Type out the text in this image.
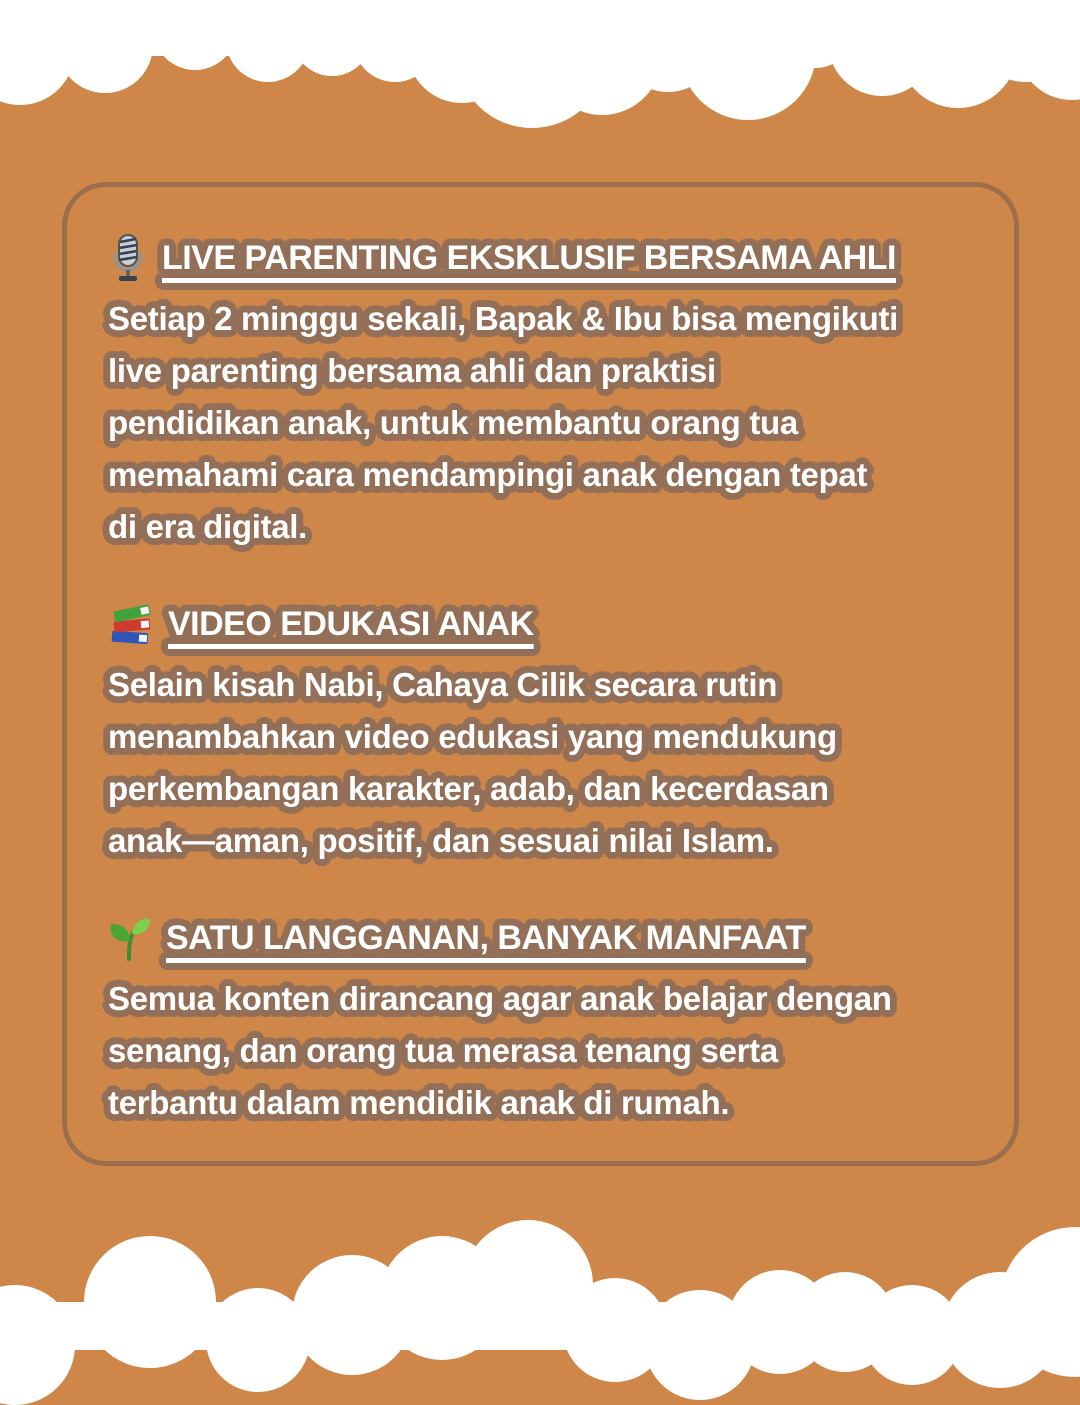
LIVE PARENTING EKSKLUSIF BERSAMA AHLI
Setiap 2 minggu sekali, Bapak & Ibu bisa mengikuti
live parenting bersama ahli dan praktisi
pendidikan anak, untuk membantu orang tua
memahami cara mendampingi anak dengan tepat
di era digital.
VIDEO EDUKASI ANAK
Selain kisah Nabi, Cahaya Cilik secara rutin
menambahkan video edukasi yang mendukung
perkembangan karakter, adab, dan kecerdasan
anak—aman, positif, dan sesuai nilai Islam.
SATU LANGGANAN, BANYAK MANFAAT
Semua konten dirancang agar anak belajar dengan
senang, dan orang tua merasa tenang serta
terbantu dalam mendidik anak di rumah.
